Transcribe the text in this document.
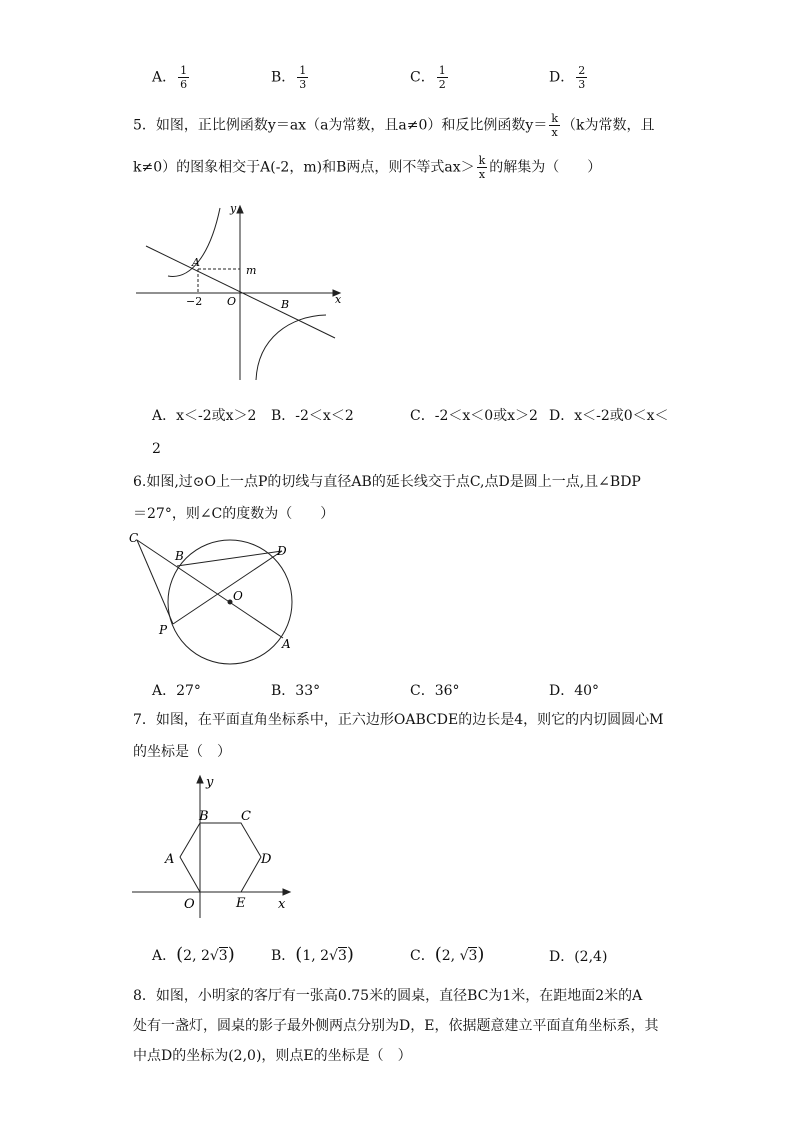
A． $\frac{1}{6}$	B． $\frac{1}{3}$	C． $\frac{1}{2}$	D． $\frac{2}{3}$
5．如图，正比例函数y＝ax（a为常数，且a≠0）和反比例函数$y= \frac{k}{x} (k$为常数，且
k≠0）的图象相交于A(-2，m)和B两点，则不等式$ax> \frac{k}{x}$ 的解集为（　　）
y
m
A
−2 O	B	x
A．x＜-2或x＞2 B．-2＜x＜2	C．-2＜x＜0或x＞2 D．x＜-2或0＜x＜
2
6.如图,过⊙O上一点P的切线与直径AB的延长线交于点C,点D是圆上一点,且∠BDP
＝27°，则∠C的度数为（　　）
C
B	D
O
P
A
A．27°	B．33°	C．36°	D．40°
7．如图，在平面直角坐标系中，正六边形OABCDE的边长是4，则它的内切圆圆心M
的坐标是（　）
y
B C
A	D
O	E	x
A．(2, 2√3)	B．(1, 2√3)	C．(2, √3)	D．(2,4)
8．如图，小明家的客厅有一张高0.75米的圆桌，直径BC为1米，在距地面2米的A
处有一盏灯，圆桌的影子最外侧两点分别为D，E，依据题意建立平面直角坐标系，其
中点D的坐标为(2,0)，则点E的坐标是（　）
